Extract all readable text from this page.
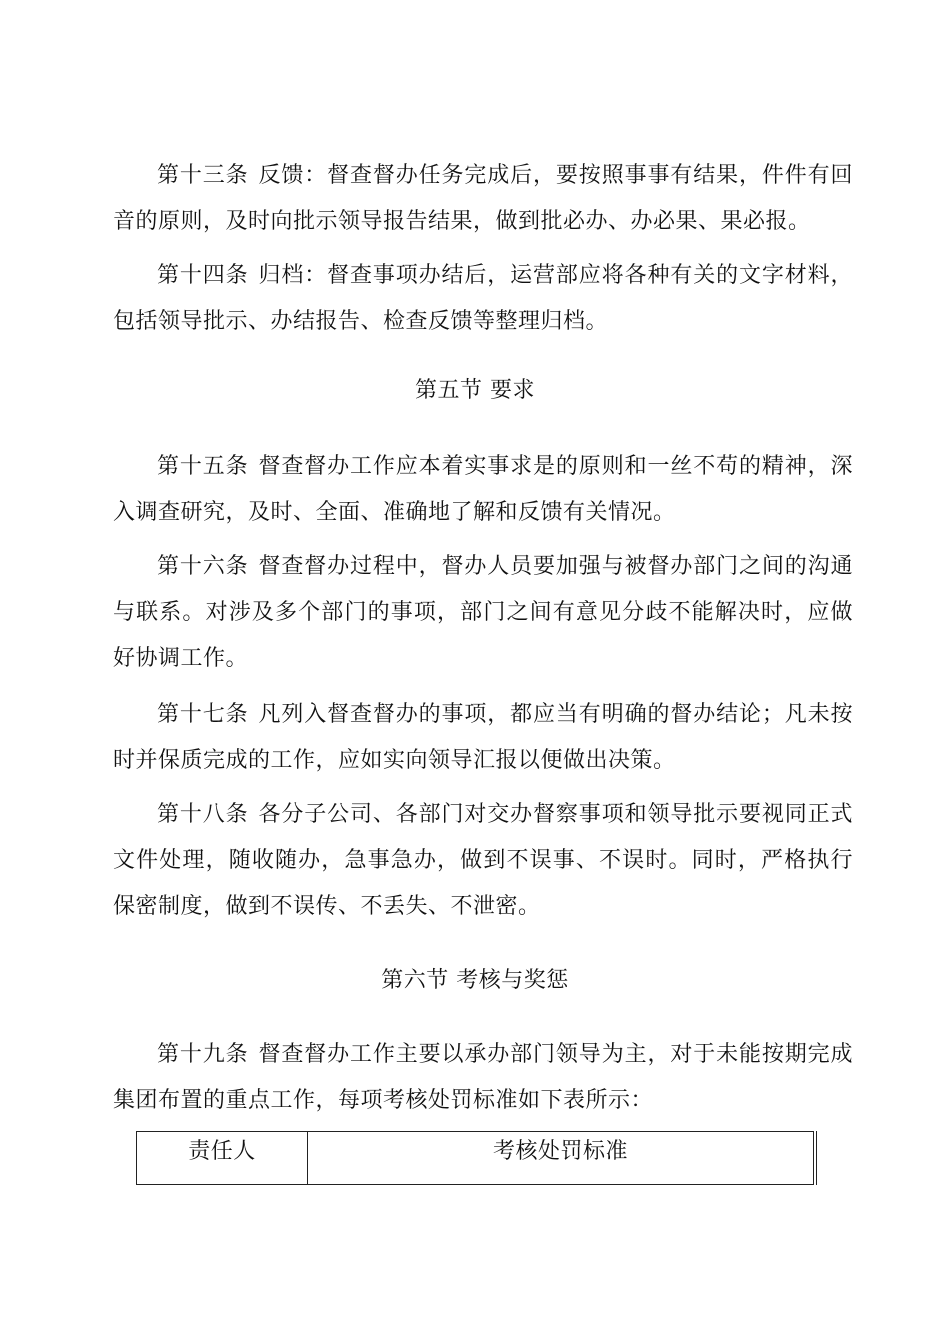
第十三条 反馈：督查督办任务完成后，要按照事事有结果，件件有回音的原则，及时向批示领导报告结果，做到批必办、办必果、果必报。

第十四条 归档：督查事项办结后，运营部应将各种有关的文字材料，包括领导批示、办结报告、检查反馈等整理归档。

第五节 要求

第十五条 督查督办工作应本着实事求是的原则和一丝不苟的精神，深入调查研究，及时、全面、准确地了解和反馈有关情况。

第十六条 督查督办过程中，督办人员要加强与被督办部门之间的沟通与联系。对涉及多个部门的事项，部门之间有意见分歧不能解决时，应做好协调工作。

第十七条 凡列入督查督办的事项，都应当有明确的督办结论；凡未按时并保质完成的工作，应如实向领导汇报以便做出决策。

第十八条 各分子公司、各部门对交办督察事项和领导批示要视同正式文件处理，随收随办，急事急办，做到不误事、不误时。同时，严格执行保密制度，做到不误传、不丢失、不泄密。

第六节 考核与奖惩

第十九条 督查督办工作主要以承办部门领导为主，对于未能按期完成集团布置的重点工作，每项考核处罚标准如下表所示：

责任人	考核处罚标准
